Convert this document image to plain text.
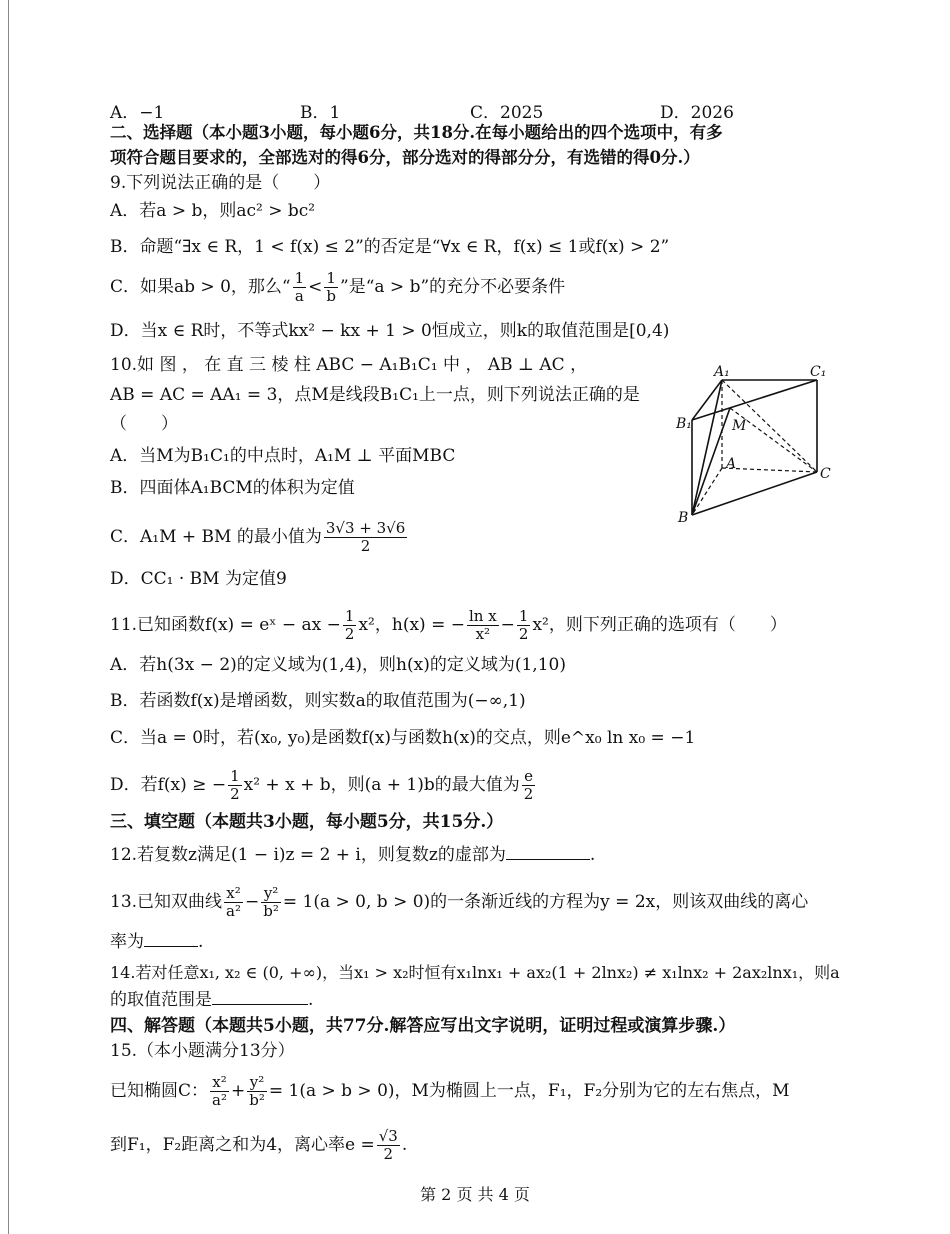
A．−1	B．1	C．2025	D．2026
二、选择题（本小题3小题，每小题6分，共18分.在每小题给出的四个选项中，有多
项符合题目要求的，全部选对的得6分，部分选对的得部分分，有选错的得0分.）
9.下列说法正确的是（　　）
A．若a > b，则ac² > bc²
B．命题“∃x ∈ R，1 < f(x) ≤ 2”的否定是“∀x ∈ R，f(x) ≤ 1或f(x) > 2”
C．如果ab > 0，那么“ $\frac{1}{a} < \frac{1}{b}$ ”是“a > b”的充分不必要条件
D．当x ∈ R时，不等式kx² − kx + 1 > 0恒成立，则k的取值范围是[0,4)
10.如 图 ， 在 直 三 棱 柱 ABC − A₁B₁C₁ 中 ， AB ⊥ AC ，
AB = AC = AA₁ = 3，点M是线段B₁C₁上一点，则下列说法正确的是
（　　）
A．当M为B₁C₁的中点时，A₁M ⊥ 平面MBC
B．四面体A₁BCM的体积为定值
C．A₁M + BM 的最小值为 $\frac{3√3 + 3√6}{2}$
D．CC₁ · BM 为定值9
A₁	C₁
B₁	M
A
C
B
11.已知函数f(x) = eˣ − ax − $\frac{1}{2} x^2$，h(x) = − $\frac{\text{ln x}}{\text{x²}} - \frac{1}{2} x^2$，则下列正确的选项有（　　）
A．若h(3x − 2)的定义域为(1,4)，则h(x)的定义域为(1,10)
B．若函数f(x)是增函数，则实数a的取值范围为(−∞,1)
C．当a = 0时，若(x₀, y₀)是函数f(x)与函数h(x)的交点，则e^x₀ ln x₀ = −1
D．若f(x) ≥ − $\frac{1}{2} x^2 + x + b$，则(a + 1)b的最大值为 $\frac{e}{2}$
三、填空题（本题共3小题，每小题5分，共15分.）
12.若复数z满足(1 − i)z = 2 + i，则复数z的虚部为	.
13.已知双曲线 $\frac{\text{x²}}{\text{a²}} - \frac{\text{y²}}{\text{b²}} = 1(a > 0$, b > 0)的一条渐近线的方程为y = 2x，则该双曲线的离心
率为	.
14.若对任意x₁, x₂ ∈ (0, +∞)，当x₁ > x₂时恒有x₁lnx₁ + ax₂(1 + 2lnx₂) ≠ x₁lnx₂ + 2ax₂lnx₁，则a
的取值范围是	.
四、解答题（本题共5小题，共77分.解答应写出文字说明，证明过程或演算步骤.）
15.（本小题满分13分）
已知椭圆C： $\frac{\text{x²}}{\text{a²}} + \frac{\text{y²}}{\text{b²}} = 1(a > b > 0)$，M为椭圆上一点，F₁，F₂分别为它的左右焦点，M
到F₁，F₂距离之和为4，离心率$e = \frac{√3}{2}$ .
第 2 页 共 4 页
